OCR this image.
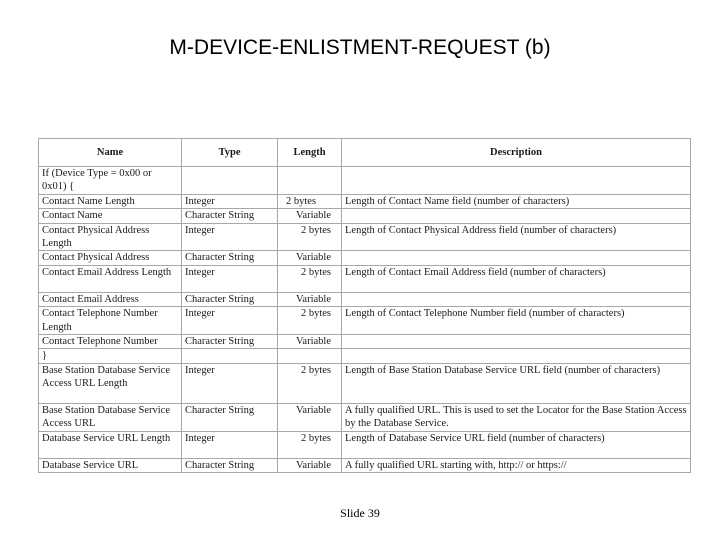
M-DEVICE-ENLISTMENT-REQUEST (b)
Name	Type	Length	Description
If (Device Type = 0x00 or 0x01) {			
Contact Name Length	Integer	2 bytes	Length of Contact Name field (number of characters)
Contact Name	Character String	Variable	
Contact Physical Address Length	Integer	2 bytes	Length of Contact Physical Address field (number of characters)
Contact Physical Address	Character String	Variable	
Contact Email Address Length	Integer	2 bytes	Length of Contact Email Address field (number of characters)
Contact Email Address	Character String	Variable	
Contact Telephone Number Length	Integer	2 bytes	Length of Contact Telephone Number field (number of characters)
Contact Telephone Number	Character String	Variable	
}			
Base Station Database Service Access URL Length	Integer	2 bytes	Length of Base Station Database Service URL field (number of characters)
Base Station Database Service Access URL	Character String	Variable	A fully qualified URL. This is used to set the Locator for the Base Station Access by the Database Service.
Database Service URL Length	Integer	2 bytes	Length of Database Service URL field (number of characters)
Database Service URL	Character String	Variable	A fully qualified URL starting with, http:// or https://
Slide 39
